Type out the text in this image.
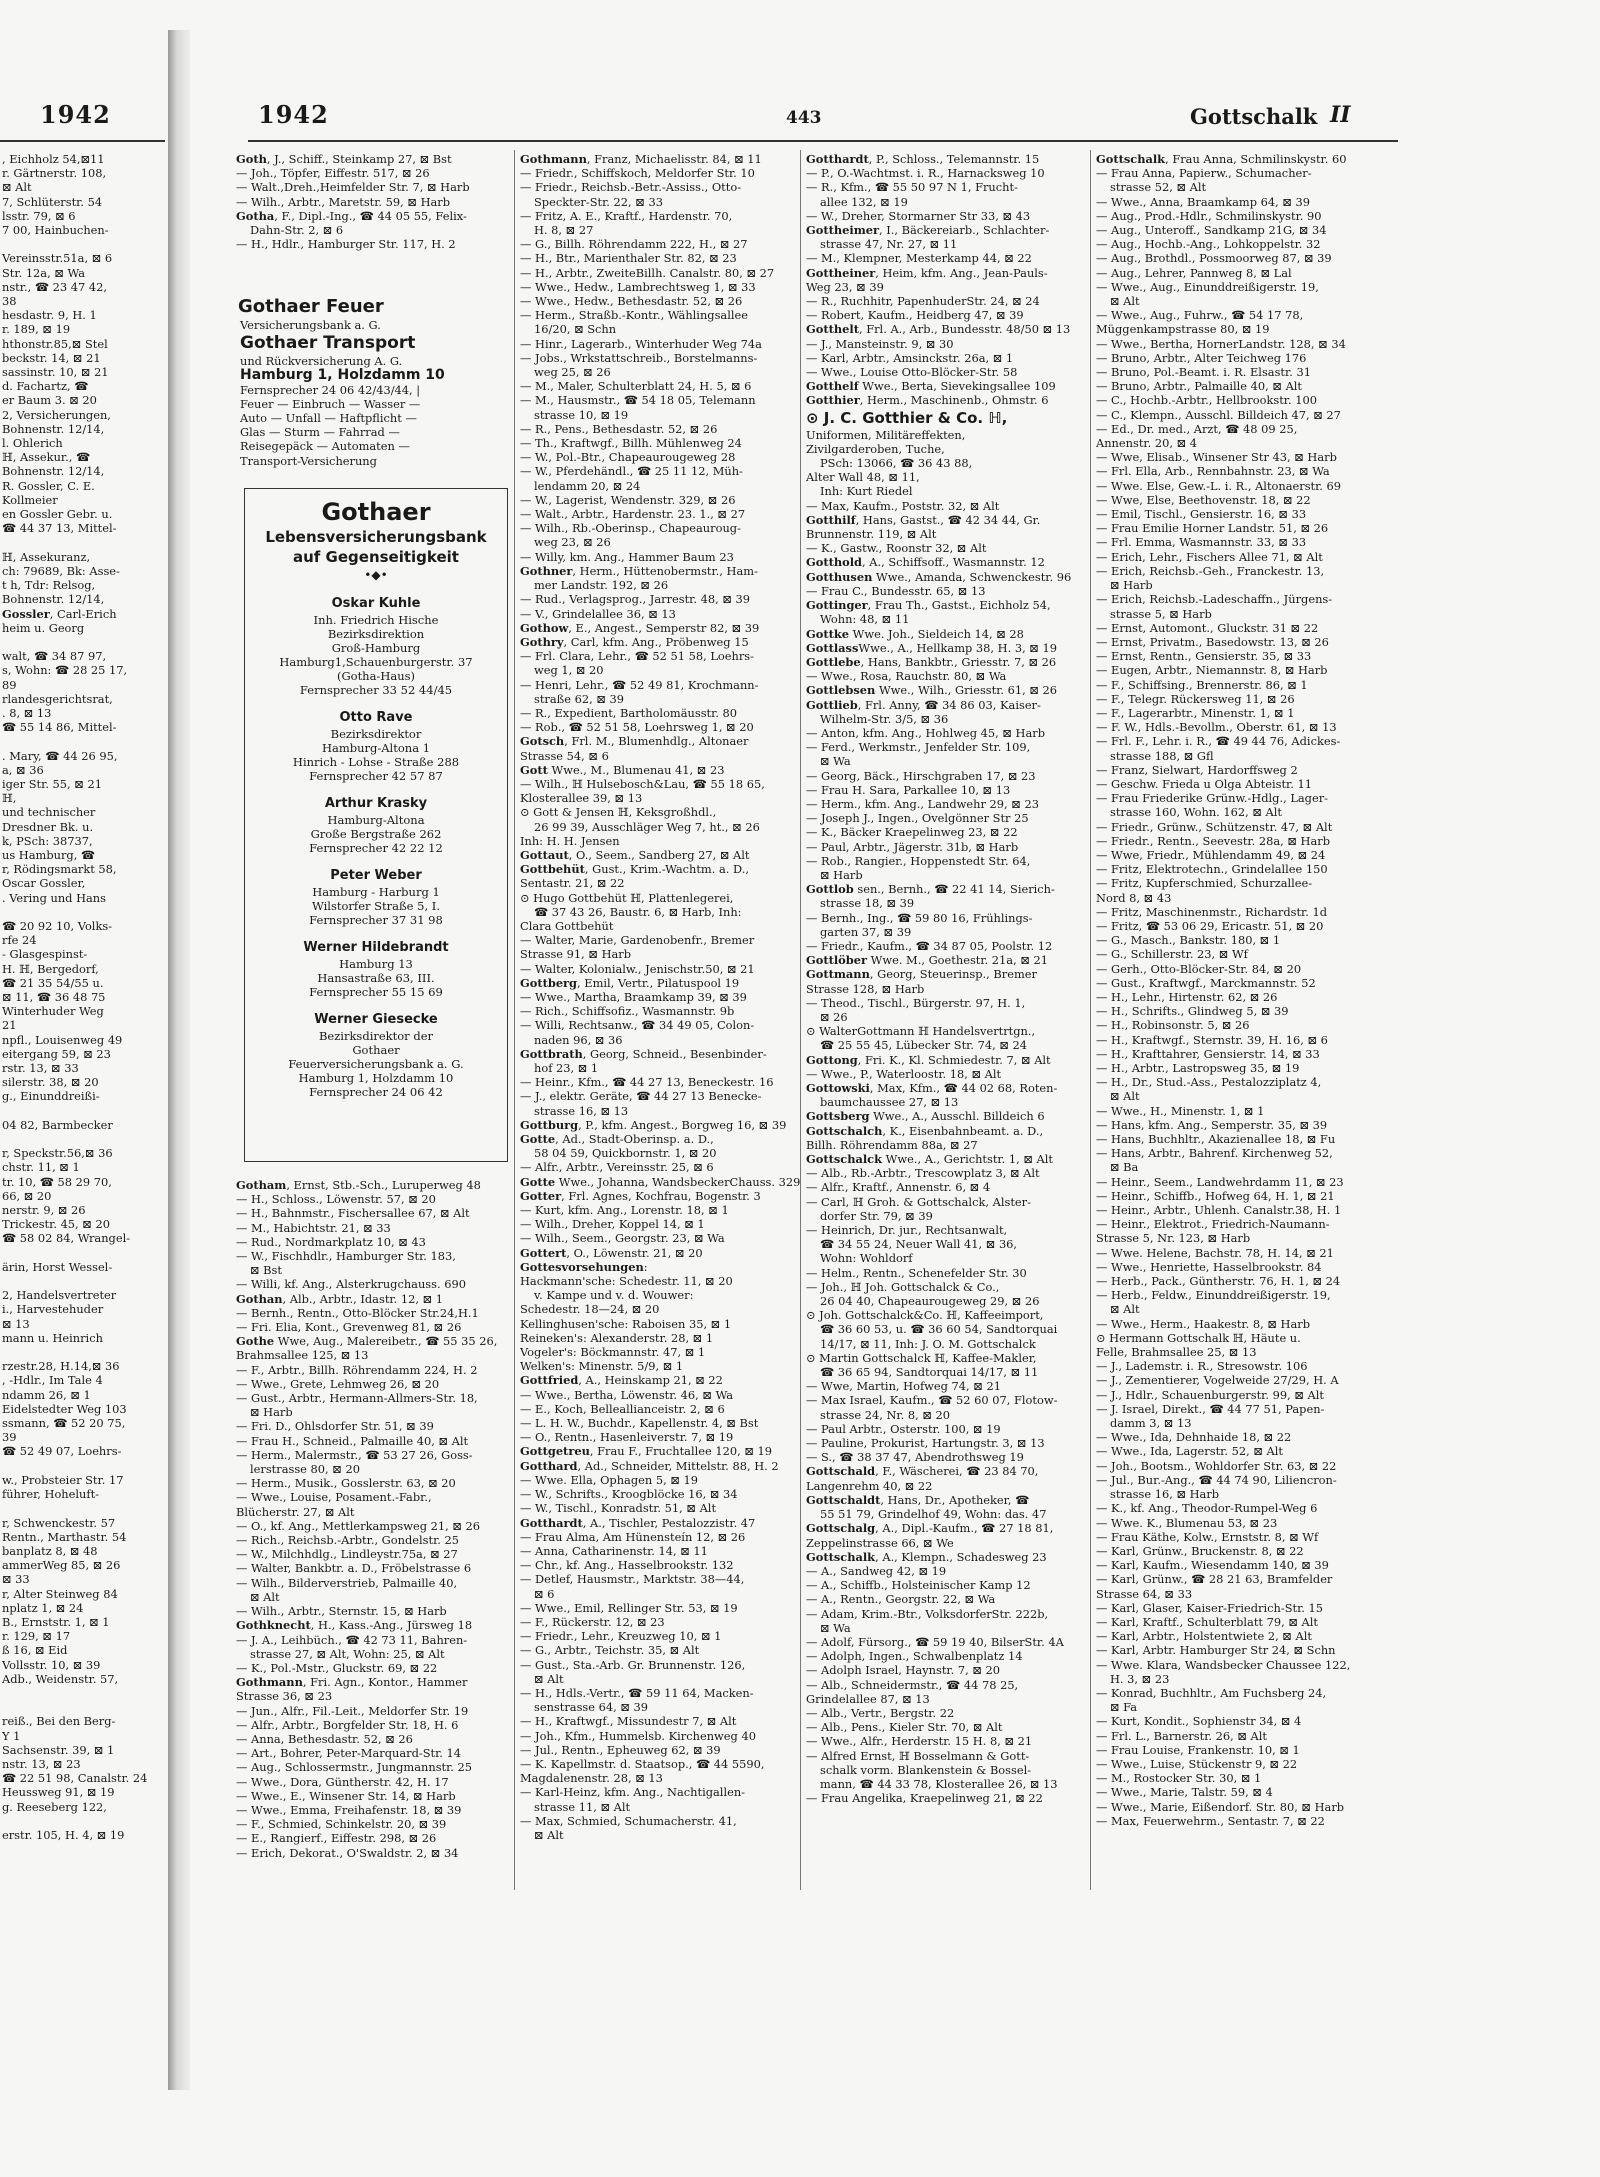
1942

, Eichholz 54,⊠11

r. Gärtnerstr. 108,

⊠ Alt

7, Schlüterstr. 54

lsstr. 79, ⊠ 6

7 00, Hainbuchen-

Vereinsstr.51a, ⊠ 6

Str. 12a, ⊠ Wa

nstr., ☎ 23 47 42,

38

hesdastr. 9, H. 1

r. 189, ⊠ 19

hthonstr.85,⊠ Stel

beckstr. 14, ⊠ 21

sassinstr. 10, ⊠ 21

d. Fachartz, ☎

er Baum 3. ⊠ 20

2, Versicherungen,

Bohnenstr. 12/14,

l. Ohlerich

ℍ, Assekur., ☎

Bohnenstr. 12/14,

R. Gossler, C. E.

Kollmeier

en Gossler Gebr. u.

☎ 44 37 13, Mittel-

ℍ, Assekuranz,

ch: 79689, Bk: Asse-

t h, Tdr: Relsog,

Bohnenstr. 12/14,

Gossler, Carl-Erich

heim u. Georg

walt, ☎ 34 87 97,

s, Wohn: ☎ 28 25 17,

89

rlandesgerichtsrat,

. 8, ⊠ 13

☎ 55 14 86, Mittel-

. Mary, ☎ 44 26 95,

a, ⊠ 36

iger Str. 55, ⊠ 21

ℍ,

und technischer

Dresdner Bk. u.

k, PSch: 38737,

us Hamburg, ☎

r, Rödingsmarkt 58,

Oscar Gossler,

. Vering und Hans

☎ 20 92 10, Volks-

rfe 24

- Glasgespinst-

H. ℍ, Bergedorf,

☎ 21 35 54/55 u.

⊠ 11, ☎ 36 48 75

Winterhuder Weg

21

npfl., Louisenweg 49

eitergang 59, ⊠ 23

rstr. 13, ⊠ 33

silerstr. 38, ⊠ 20

g., Einunddreißi-

04 82, Barmbecker

r, Speckstr.56,⊠ 36

chstr. 11, ⊠ 1

tr. 10, ☎ 58 29 70,

66, ⊠ 20

nerstr. 9, ⊠ 26

Trickestr. 45, ⊠ 20

☎ 58 02 84, Wrangel-

ärin, Horst Wessel-

2, Handelsvertreter

i., Harvestehuder

⊠ 13

mann u. Heinrich

rzestr.28, H.14,⊠ 36

, -Hdlr., Im Tale 4

ndamm 26, ⊠ 1

Eidelstedter Weg 103

ssmann, ☎ 52 20 75,

39

☎ 52 49 07, Loehrs-

w., Probsteier Str. 17

führer, Hoheluft-

r, Schwenckestr. 57

Rentn., Marthastr. 54

banplatz 8, ⊠ 48

ammerWeg 85, ⊠ 26

⊠ 33

r, Alter Steinweg 84

nplatz 1, ⊠ 24

B., Ernststr. 1, ⊠ 1

r. 129, ⊠ 17

ß 16, ⊠ Eid

Vollsstr. 10, ⊠ 39

Adb., Weidenstr. 57,

reiß., Bei den Berg-

Y 1

Sachsenstr. 39, ⊠ 1

nstr. 13, ⊠ 23

☎ 22 51 98, Canalstr. 24

Heussweg 91, ⊠ 19

g. Reeseberg 122,

erstr. 105, H. 4, ⊠ 19

1942	443	Gottschalk II

Goth, J., Schiff., Steinkamp 27, ⊠ Bst

— Joh., Töpfer, Eiffestr. 517, ⊠ 26

— Walt.,Dreh.,Heimfelder Str. 7, ⊠ Harb

— Wilh., Arbtr., Maretstr. 59, ⊠ Harb

Gotha, F., Dipl.-Ing., ☎ 44 05 55, Felix-

Dahn-Str. 2, ⊠ 6

— H., Hdlr., Hamburger Str. 117, H. 2

Gothaer Feuer

Versicherungsbank a. G.

Gothaer Transport

und Rückversicherung A. G.

Hamburg 1, Holzdamm 10

Fernsprecher 24 06 42/43/44, |

Feuer — Einbruch — Wasser —

Auto — Unfall — Haftpflicht —

Glas — Sturm — Fahrrad —

Reisegepäck — Automaten —

Transport-Versicherung

Gothaer
Lebensversicherungsbank
auf Gegenseitigkeit
•◆•
Oskar Kuhle
Inh. Friedrich Hische
Bezirksdirektion
Groß-Hamburg
Hamburg1,Schauenburgerstr. 37
(Gotha-Haus)
Fernsprecher 33 52 44/45
Otto Rave
Bezirksdirektor
Hamburg-Altona 1
Hinrich - Lohse - Straße 288
Fernsprecher 42 57 87
Arthur Krasky
Hamburg-Altona
Große Bergstraße 262
Fernsprecher 42 22 12
Peter Weber
Hamburg - Harburg 1
Wilstorfer Straße 5, I.
Fernsprecher 37 31 98
Werner Hildebrandt
Hamburg 13
Hansastraße 63, III.
Fernsprecher 55 15 69
Werner Giesecke
Bezirksdirektor der
Gothaer
Feuerversicherungsbank a. G.
Hamburg 1, Holzdamm 10
Fernsprecher 24 06 42

Gotham, Ernst, Stb.-Sch., Luruperweg 48

— H., Schloss., Löwenstr. 57, ⊠ 20

— H., Bahnmstr., Fischersallee 67, ⊠ Alt

— M., Habichtstr. 21, ⊠ 33

— Rud., Nordmarkplatz 10, ⊠ 43

— W., Fischhdlr., Hamburger Str. 183,

⊠ Bst

— Willi, kf. Ang., Alsterkrugchauss. 690

Gothan, Alb., Arbtr., Idastr. 12, ⊠ 1

— Bernh., Rentn., Otto-Blöcker Str.24,H.1

— Fri. Elia, Kont., Grevenweg 81, ⊠ 26

Gothe Wwe, Aug., Malereibetr., ☎ 55 35 26,

Brahmsallee 125, ⊠ 13

— F., Arbtr., Billh. Röhrendamm 224, H. 2

— Wwe., Grete, Lehmweg 26, ⊠ 20

— Gust., Arbtr., Hermann-Allmers-Str. 18,

⊠ Harb

— Fri. D., Ohlsdorfer Str. 51, ⊠ 39

— Frau H., Schneid., Palmaille 40, ⊠ Alt

— Herm., Malermstr., ☎ 53 27 26, Goss-

lerstrasse 80, ⊠ 20

— Herm., Musik., Gosslerstr. 63, ⊠ 20

— Wwe., Louise, Posament.-Fabr.,

Blücherstr. 27, ⊠ Alt

— O., kf. Ang., Mettlerkampsweg 21, ⊠ 26

— Rich., Reichsb.-Arbtr., Gondelstr. 25

— W., Milchhdlg., Lindleystr.75a, ⊠ 27

— Walter, Bankbtr. a. D., Fröbelstrasse 6

— Wilh., Bilderverstrieb, Palmaille 40,

⊠ Alt

— Wilh., Arbtr., Sternstr. 15, ⊠ Harb

Gothknecht, H., Kass.-Ang., Jürsweg 18

— J. A., Leihbüch., ☎ 42 73 11, Bahren-

strasse 27, ⊠ Alt, Wohn: 25, ⊠ Alt

— K., Pol.-Mstr., Gluckstr. 69, ⊠ 22

Gothmann, Fri. Agn., Kontor., Hammer

Strasse 36, ⊠ 23

— Jun., Alfr., Fil.-Leit., Meldorfer Str. 19

— Alfr., Arbtr., Borgfelder Str. 18, H. 6

— Anna, Bethesdastr. 52, ⊠ 26

— Art., Bohrer, Peter-Marquard-Str. 14

— Aug., Schlossermstr., Jungmannstr. 25

— Wwe., Dora, Güntherstr. 42, H. 17

— Wwe., E., Winsener Str. 14, ⊠ Harb

— Wwe., Emma, Freihafenstr. 18, ⊠ 39

— F., Schmied, Schinkelstr. 20, ⊠ 39

— E., Rangierf., Eiffestr. 298, ⊠ 26

— Erich, Dekorat., O'Swaldstr. 2, ⊠ 34

Gothmann, Franz, Michaelisstr. 84, ⊠ 11

— Friedr., Schiffskoch, Meldorfer Str. 10

— Friedr., Reichsb.-Betr.-Assiss., Otto-

Speckter-Str. 22, ⊠ 33

— Fritz, A. E., Kraftf., Hardenstr. 70,

H. 8, ⊠ 27

— G., Billh. Röhrendamm 222, H., ⊠ 27

— H., Btr., Marienthaler Str. 82, ⊠ 23

— H., Arbtr., ZweiteBillh. Canalstr. 80, ⊠ 27

— Wwe., Hedw., Lambrechtsweg 1, ⊠ 33

— Wwe., Hedw., Bethesdastr. 52, ⊠ 26

— Herm., Straßb.-Kontr., Wählingsallee

16/20, ⊠ Schn

— Hinr., Lagerarb., Winterhuder Weg 74a

— Jobs., Wrkstattschreib., Borstelmanns-

weg 25, ⊠ 26

— M., Maler, Schulterblatt 24, H. 5, ⊠ 6

— M., Hausmstr., ☎ 54 18 05, Telemann

strasse 10, ⊠ 19

— R., Pens., Bethesdastr. 52, ⊠ 26

— Th., Kraftwgf., Billh. Mühlenweg 24

— W., Pol.-Btr., Chapeaurougeweg 28

— W., Pferdehändl., ☎ 25 11 12, Müh-

lendamm 20, ⊠ 24

— W., Lagerist, Wendenstr. 329, ⊠ 26

— Walt., Arbtr., Hardenstr. 23. 1., ⊠ 27

— Wilh., Rb.-Oberinsp., Chapeauroug-

weg 23, ⊠ 26

— Willy, km. Ang., Hammer Baum 23

Gothner, Herm., Hüttenobermstr., Ham-

mer Landstr. 192, ⊠ 26

— Rud., Verlagsprog., Jarrestr. 48, ⊠ 39

— V., Grindelallee 36, ⊠ 13

Gothow, E., Angest., Semperstr 82, ⊠ 39

Gothry, Carl, kfm. Ang., Pröbenweg 15

— Frl. Clara, Lehr., ☎ 52 51 58, Loehrs-

weg 1, ⊠ 20

— Henri, Lehr., ☎ 52 49 81, Krochmann-

straße 62, ⊠ 39

— R., Expedient, Bartholomäusstr. 80

— Rob., ☎ 52 51 58, Loehrsweg 1, ⊠ 20

Gotsch, Frl. M., Blumenhdlg., Altonaer

Strasse 54, ⊠ 6

Gott Wwe., M., Blumenau 41, ⊠ 23

— Wilh., ℍ Hulsebosch&Lau, ☎ 55 18 65,

Klosterallee 39, ⊠ 13

⊙ Gott & Jensen ℍ, Keksgroßhdl.,

26 99 39, Ausschläger Weg 7, ht., ⊠ 26

Inh: H. H. Jensen

Gottaut, O., Seem., Sandberg 27, ⊠ Alt

Gottbehüt, Gust., Krim.-Wachtm. a. D.,

Sentastr. 21, ⊠ 22

⊙ Hugo Gottbehüt ℍ, Plattenlegerei,

☎ 37 43 26, Baustr. 6, ⊠ Harb, Inh:

Clara Gottbehüt

— Walter, Marie, Gardenobenfr., Bremer

Strasse 91, ⊠ Harb

— Walter, Kolonialw., Jenischstr.50, ⊠ 21

Gottberg, Emil, Vertr., Pilatuspool 19

— Wwe., Martha, Braamkamp 39, ⊠ 39

— Rich., Schiffsofiz., Wasmannstr. 9b

— Willi, Rechtsanw., ☎ 34 49 05, Colon-

naden 96, ⊠ 36

Gottbrath, Georg, Schneid., Besenbinder-

hof 23, ⊠ 1

— Heinr., Kfm., ☎ 44 27 13, Beneckestr. 16

— J., elektr. Geräte, ☎ 44 27 13 Benecke-

strasse 16, ⊠ 13

Gottburg, P., kfm. Angest., Borgweg 16, ⊠ 39

Gotte, Ad., Stadt-Oberinsp. a. D.,

58 04 59, Quickbornstr. 1, ⊠ 20

— Alfr., Arbtr., Vereinsstr. 25, ⊠ 6

Gotte Wwe., Johanna, WandsbeckerChauss. 329

Gotter, Frl. Agnes, Kochfrau, Bogenstr. 3

— Kurt, kfm. Ang., Lorenstr. 18, ⊠ 1

— Wilh., Dreher, Koppel 14, ⊠ 1

— Wilh., Seem., Georgstr. 23, ⊠ Wa

Gottert, O., Löwenstr. 21, ⊠ 20

Gottesvorsehungen:

Hackmann'sche: Schedestr. 11, ⊠ 20

v. Kampe und v. d. Wouwer:

Schedestr. 18—24, ⊠ 20

Kellinghusen'sche: Raboisen 35, ⊠ 1

Reineken's: Alexanderstr. 28, ⊠ 1

Vogeler's: Böckmannstr. 47, ⊠ 1

Welken's: Minenstr. 5/9, ⊠ 1

Gottfried, A., Heinskamp 21, ⊠ 22

— Wwe., Bertha, Löwenstr. 46, ⊠ Wa

— E., Koch, Belleallianceistr. 2, ⊠ 6

— L. H. W., Buchdr., Kapellenstr. 4, ⊠ Bst

— O., Rentn., Hasenleiverstr. 7, ⊠ 19

Gottgetreu, Frau F., Fruchtallee 120, ⊠ 19

Gotthard, Ad., Schneider, Mittelstr. 88, H. 2

— Wwe. Ella, Ophagen 5, ⊠ 19

— W., Schrifts., Kroogblöcke 16, ⊠ 34

— W., Tischl., Konradstr. 51, ⊠ Alt

Gotthardt, A., Tischler, Pestalozzistr. 47

— Frau Alma, Am Hünensteín 12, ⊠ 26

— Anna, Catharinenstr. 14, ⊠ 11

— Chr., kf. Ang., Hasselbrookstr. 132

— Detlef, Hausmstr., Marktstr. 38—44,

⊠ 6

— Wwe., Emil, Rellinger Str. 53, ⊠ 19

— F., Rückerstr. 12, ⊠ 23

— Friedr., Lehr., Kreuzweg 10, ⊠ 1

— G., Arbtr., Teichstr. 35, ⊠ Alt

— Gust., Sta.-Arb. Gr. Brunnenstr. 126,

⊠ Alt

— H., Hdls.-Vertr., ☎ 59 11 64, Macken-

senstrasse 64, ⊠ 39

— H., Kraftwgf., Missundestr 7, ⊠ Alt

— Joh., Kfm., Hummelsb. Kirchenweg 40

— Jul., Rentn., Epheuweg 62, ⊠ 39

— K. Kapellmstr. d. Staatsop., ☎ 44 5590,

Magdalenenstr. 28, ⊠ 13

— Karl-Heinz, kfm. Ang., Nachtigallen-

strasse 11, ⊠ Alt

— Max, Schmied, Schumacherstr. 41,

⊠ Alt

Gotthardt, P., Schloss., Telemannstr. 15

— P., O.-Wachtmst. i. R., Harnacksweg 10

— R., Kfm., ☎ 55 50 97 N 1, Frucht-

allee 132, ⊠ 19

— W., Dreher, Stormarner Str 33, ⊠ 43

Gottheimer, I., Bäckereiarb., Schlachter-

strasse 47, Nr. 27, ⊠ 11

— M., Klempner, Mesterkamp 44, ⊠ 22

Gottheiner, Heim, kfm. Ang., Jean-Pauls-

Weg 23, ⊠ 39

— R., Ruchhitr, PapenhuderStr. 24, ⊠ 24

— Robert, Kaufm., Heidberg 47, ⊠ 39

Gotthelt, Frl. A., Arb., Bundesstr. 48/50 ⊠ 13

— J., Mansteinstr. 9, ⊠ 30

— Karl, Arbtr., Amsinckstr. 26a, ⊠ 1

— Wwe., Louise Otto-Blöcker-Str. 58

Gotthelf Wwe., Berta, Sievekingsallee 109

Gotthier, Herm., Maschinenb., Ohmstr. 6

⊙ J. C. Gotthier & Co. ℍ,

Uniformen, Militäreffekten,

Zivilgarderoben, Tuche,

PSch: 13066, ☎ 36 43 88,

Alter Wall 48, ⊠ 11,

Inh: Kurt Riedel

— Max, Kaufm., Poststr. 32, ⊠ Alt

Gotthilf, Hans, Gastst., ☎ 42 34 44, Gr.

Brunnenstr. 119, ⊠ Alt

— K., Gastw., Roonstr 32, ⊠ Alt

Gotthold, A., Schiffsoff., Wasmannstr. 12

Gotthusen Wwe., Amanda, Schwenckestr. 96

— Frau C., Bundesstr. 65, ⊠ 13

Gottinger, Frau Th., Gastst., Eichholz 54,

Wohn: 48, ⊠ 11

Gottke Wwe. Joh., Sieldeich 14, ⊠ 28

GottlassWwe., A., Hellkamp 38, H. 3, ⊠ 19

Gottlebe, Hans, Bankbtr., Griesstr. 7, ⊠ 26

— Wwe., Rosa, Rauchstr. 80, ⊠ Wa

Gottlebsen Wwe., Wilh., Griesstr. 61, ⊠ 26

Gottlieb, Frl. Anny, ☎ 34 86 03, Kaiser-

Wilhelm-Str. 3/5, ⊠ 36

— Anton, kfm. Ang., Hohlweg 45, ⊠ Harb

— Ferd., Werkmstr., Jenfelder Str. 109,

⊠ Wa

— Georg, Bäck., Hirschgraben 17, ⊠ 23

— Frau H. Sara, Parkallee 10, ⊠ 13

— Herm., kfm. Ang., Landwehr 29, ⊠ 23

— Joseph J., Ingen., Ovelgönner Str 25

— K., Bäcker Kraepelinweg 23, ⊠ 22

— Paul, Arbtr., Jägerstr. 31b, ⊠ Harb

— Rob., Rangier., Hoppenstedt Str. 64,

⊠ Harb

Gottlob sen., Bernh., ☎ 22 41 14, Sierich-

strasse 18, ⊠ 39

— Bernh., Ing., ☎ 59 80 16, Frühlings-

garten 37, ⊠ 39

— Friedr., Kaufm., ☎ 34 87 05, Poolstr. 12

Gottlöber Wwe. M., Goethestr. 21a, ⊠ 21

Gottmann, Georg, Steuerinsp., Bremer

Strasse 128, ⊠ Harb

— Theod., Tischl., Bürgerstr. 97, H. 1,

⊠ 26

⊙ WalterGottmann ℍ Handelsvertrtgn.,

☎ 25 55 45, Lübecker Str. 74, ⊠ 24

Gottong, Fri. K., Kl. Schmiedestr. 7, ⊠ Alt

— Wwe., P., Waterloostr. 18, ⊠ Alt

Gottowski, Max, Kfm., ☎ 44 02 68, Roten-

baumchaussee 27, ⊠ 13

Gottsberg Wwe., A., Ausschl. Billdeich 6

Gottschalch, K., Eisenbahnbeamt. a. D.,

Billh. Röhrendamm 88a, ⊠ 27

Gottschalck Wwe., A., Gerichtstr. 1, ⊠ Alt

— Alb., Rb.-Arbtr., Trescowplatz 3, ⊠ Alt

— Alfr., Kraftf., Annenstr. 6, ⊠ 4

— Carl, ℍ Groh. & Gottschalck, Alster-

dorfer Str. 79, ⊠ 39

— Heinrich, Dr. jur., Rechtsanwalt,

☎ 34 55 24, Neuer Wall 41, ⊠ 36,

Wohn: Wohldorf

— Helm., Rentn., Schenefelder Str. 30

— Joh., ℍ Joh. Gottschalck & Co.,

26 04 40, Chapeaurougeweg 29, ⊠ 26

⊙ Joh. Gottschalck&Co. ℍ, Kaffeeimport,

☎ 36 60 53, u. ☎ 36 60 54, Sandtorquai

14/17, ⊠ 11, Inh: J. O. M. Gottschalck

⊙ Martin Gottschalck ℍ, Kaffee-Makler,

☎ 36 65 94, Sandtorquai 14/17, ⊠ 11

— Wwe, Martin, Hofweg 74, ⊠ 21

— Max Israel, Kaufm., ☎ 52 60 07, Flotow-

strasse 24, Nr. 8, ⊠ 20

— Paul Arbtr., Osterstr. 100, ⊠ 19

— Pauline, Prokurist, Hartungstr. 3, ⊠ 13

— S., ☎ 38 37 47, Abendrothsweg 19

Gottschald, F., Wäscherei, ☎ 23 84 70,

Langenrehm 40, ⊠ 22

Gottschaldt, Hans, Dr., Apotheker, ☎

55 51 79, Grindelhof 49, Wohn: das. 47

Gottschalg, A., Dipl.-Kaufm., ☎ 27 18 81,

Zeppelinstrasse 66, ⊠ We

Gottschalk, A., Klempn., Schadesweg 23

— A., Sandweg 42, ⊠ 19

— A., Schiffb., Holsteinischer Kamp 12

— A., Rentn., Georgstr. 22, ⊠ Wa

— Adam, Krim.-Btr., VolksdorferStr. 222b,

⊠ Wa

— Adolf, Fürsorg., ☎ 59 19 40, BilserStr. 4A

— Adolph, Ingen., Schwalbenplatz 14

— Adolph Israel, Haynstr. 7, ⊠ 20

— Alb., Schneidermstr., ☎ 44 78 25,

Grindelallee 87, ⊠ 13

— Alb., Vertr., Bergstr. 22

— Alb., Pens., Kieler Str. 70, ⊠ Alt

— Wwe., Alfr., Herderstr. 15 H. 8, ⊠ 21

— Alfred Ernst, ℍ Bosselmann & Gott-

schalk vorm. Blankenstein & Bossel-

mann, ☎ 44 33 78, Klosterallee 26, ⊠ 13

— Frau Angelika, Kraepelinweg 21, ⊠ 22

Gottschalk, Frau Anna, Schmilinskystr. 60

— Frau Anna, Papierw., Schumacher-

strasse 52, ⊠ Alt

— Wwe., Anna, Braamkamp 64, ⊠ 39

— Aug., Prod.-Hdlr., Schmilinskystr. 90

— Aug., Unteroff., Sandkamp 21G, ⊠ 34

— Aug., Hochb.-Ang., Lohkoppelstr. 32

— Aug., Brothdl., Possmoorweg 87, ⊠ 39

— Aug., Lehrer, Pannweg 8, ⊠ Lal

— Wwe., Aug., Einunddreißigerstr. 19,

⊠ Alt

— Wwe., Aug., Fuhrw., ☎ 54 17 78,

Müggenkampstrasse 80, ⊠ 19

— Wwe., Bertha, HornerLandstr. 128, ⊠ 34

— Bruno, Arbtr., Alter Teichweg 176

— Bruno, Pol.-Beamt. i. R. Elsastr. 31

— Bruno, Arbtr., Palmaille 40, ⊠ Alt

— C., Hochb.-Arbtr., Hellbrookstr. 100

— C., Klempn., Ausschl. Billdeich 47, ⊠ 27

— Ed., Dr. med., Arzt, ☎ 48 09 25,

Annenstr. 20, ⊠ 4

— Wwe, Elisab., Winsener Str 43, ⊠ Harb

— Frl. Ella, Arb., Rennbahnstr. 23, ⊠ Wa

— Wwe. Else, Gew.-L. i. R., Altonaerstr. 69

— Wwe, Else, Beethovenstr. 18, ⊠ 22

— Emil, Tischl., Gensierstr. 16, ⊠ 33

— Frau Emilie Horner Landstr. 51, ⊠ 26

— Frl. Emma, Wasmannstr. 33, ⊠ 33

— Erich, Lehr., Fischers Allee 71, ⊠ Alt

— Erich, Reichsb.-Geh., Franckestr. 13,

⊠ Harb

— Erich, Reichsb.-Ladeschaffn., Jürgens-

strasse 5, ⊠ Harb

— Ernst, Automont., Gluckstr. 31 ⊠ 22

— Ernst, Privatm., Basedowstr. 13, ⊠ 26

— Ernst, Rentn., Gensierstr. 35, ⊠ 33

— Eugen, Arbtr., Niemannstr. 8, ⊠ Harb

— F., Schiffsing., Brennerstr. 86, ⊠ 1

— F., Telegr. Rückersweg 11, ⊠ 26

— F., Lagerarbtr., Minenstr. 1, ⊠ 1

— F. W., Hdls.-Bevollm., Oberstr. 61, ⊠ 13

— Frl. F., Lehr. i. R., ☎ 49 44 76, Adickes-

strasse 188, ⊠ Gfl

— Franz, Sielwart, Hardorffsweg 2

— Geschw. Frieda u Olga Abteistr. 11

— Frau Friederike Grünw.-Hdlg., Lager-

strasse 160, Wohn. 162, ⊠ Alt

— Friedr., Grünw., Schützenstr. 47, ⊠ Alt

— Friedr., Rentn., Seevestr. 28a, ⊠ Harb

— Wwe, Friedr., Mühlendamm 49, ⊠ 24

— Fritz, Elektrotechn., Grindelallee 150

— Fritz, Kupferschmied, Schurzallee-

Nord 8, ⊠ 43

— Fritz, Maschinenmstr., Richardstr. 1d

— Fritz, ☎ 53 06 29, Ericastr. 51, ⊠ 20

— G., Masch., Bankstr. 180, ⊠ 1

— G., Schillerstr. 23, ⊠ Wf

— Gerh., Otto-Blöcker-Str. 84, ⊠ 20

— Gust., Kraftwgf., Marckmannstr. 52

— H., Lehr., Hirtenstr. 62, ⊠ 26

— H., Schrifts., Glindweg 5, ⊠ 39

— H., Robinsonstr. 5, ⊠ 26

— H., Kraftwgf., Sternstr. 39, H. 16, ⊠ 6

— H., Krafttahrer, Gensierstr. 14, ⊠ 33

— H., Arbtr., Lastropsweg 35, ⊠ 19

— H., Dr., Stud.-Ass., Pestalozziplatz 4,

⊠ Alt

— Wwe., H., Minenstr. 1, ⊠ 1

— Hans, kfm. Ang., Semperstr. 35, ⊠ 39

— Hans, Buchhltr., Akazienallee 18, ⊠ Fu

— Hans, Arbtr., Bahrenf. Kirchenweg 52,

⊠ Ba

— Heinr., Seem., Landwehrdamm 11, ⊠ 23

— Heinr., Schiffb., Hofweg 64, H. 1, ⊠ 21

— Heinr., Arbtr., Uhlenh. Canalstr.38, H. 1

— Heinr., Elektrot., Friedrich-Naumann-

Strasse 5, Nr. 123, ⊠ Harb

— Wwe. Helene, Bachstr. 78, H. 14, ⊠ 21

— Wwe., Henriette, Hasselbrookstr. 84

— Herb., Pack., Güntherstr. 76, H. 1, ⊠ 24

— Herb., Feldw., Einunddreißigerstr. 19,

⊠ Alt

— Wwe., Herm., Haakestr. 8, ⊠ Harb

⊙ Hermann Gottschalk ℍ, Häute u.

Felle, Brahmsallee 25, ⊠ 13

— J., Lademstr. i. R., Stresowstr. 106

— J., Zementierer, Vogelweide 27/29, H. A

— J., Hdlr., Schauenburgerstr. 99, ⊠ Alt

— J. Israel, Direkt., ☎ 44 77 51, Papen-

damm 3, ⊠ 13

— Wwe., Ida, Dehnhaide 18, ⊠ 22

— Wwe., Ida, Lagerstr. 52, ⊠ Alt

— Joh., Bootsm., Wohldorfer Str. 63, ⊠ 22

— Jul., Bur.-Ang., ☎ 44 74 90, Liliencron-

strasse 16, ⊠ Harb

— K., kf. Ang., Theodor-Rumpel-Weg 6

— Wwe. K., Blumenau 53, ⊠ 23

— Frau Käthe, Kolw., Ernststr. 8, ⊠ Wf

— Karl, Grünw., Bruckenstr. 8, ⊠ 22

— Karl, Kaufm., Wiesendamm 140, ⊠ 39

— Karl, Grünw., ☎ 28 21 63, Bramfelder

Strasse 64, ⊠ 33

— Karl, Glaser, Kaiser-Friedrich-Str. 15

— Karl, Kraftf., Schulterblatt 79, ⊠ Alt

— Karl, Arbtr., Holstentwiete 2, ⊠ Alt

— Karl, Arbtr. Hamburger Str 24, ⊠ Schn

— Wwe. Klara, Wandsbecker Chaussee 122,

H. 3, ⊠ 23

— Konrad, Buchhltr., Am Fuchsberg 24,

⊠ Fa

— Kurt, Kondit., Sophienstr 34, ⊠ 4

— Frl. L., Barnerstr. 26, ⊠ Alt

— Frau Louise, Frankenstr. 10, ⊠ 1

— Wwe., Luise, Stückenstr 9, ⊠ 22

— M., Rostocker Str. 30, ⊠ 1

— Wwe., Marie, Talstr. 59, ⊠ 4

— Wwe., Marie, Eißendorf. Str. 80, ⊠ Harb

— Max, Feuerwehrm., Sentastr. 7, ⊠ 22
